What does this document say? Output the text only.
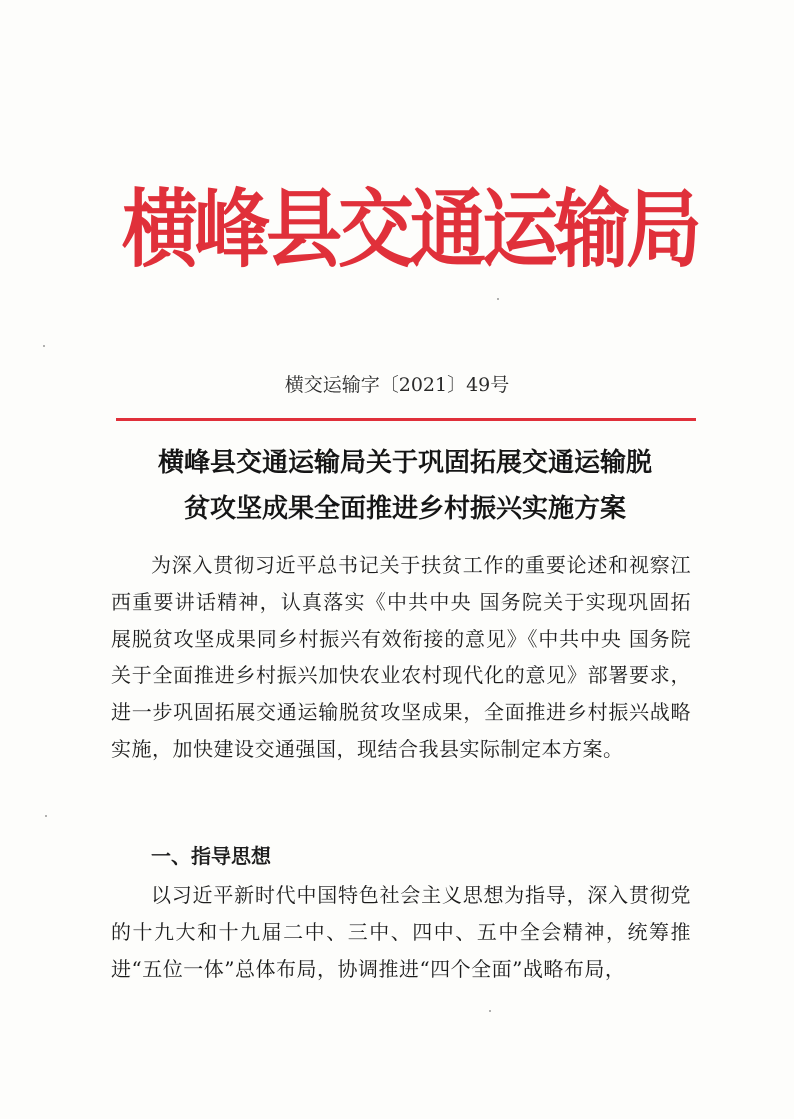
横峰县交通运输局
横交运输字〔2021〕49号
横峰县交通运输局关于巩固拓展交通运输脱
贫攻坚成果全面推进乡村振兴实施方案
为深入贯彻习近平总书记关于扶贫工作的重要论述和视察江西重要讲话精神，认真落实《中共中央 国务院关于实现巩固拓展脱贫攻坚成果同乡村振兴有效衔接的意见》《中共中央 国务院关于全面推进乡村振兴加快农业农村现代化的意见》部署要求，进一步巩固拓展交通运输脱贫攻坚成果，全面推进乡村振兴战略实施，加快建设交通强国，现结合我县实际制定本方案。
一、指导思想
以习近平新时代中国特色社会主义思想为指导，深入贯彻党的十九大和十九届二中、三中、四中、五中全会精神，统筹推进“五位一体”总体布局，协调推进“四个全面”战略布局，
